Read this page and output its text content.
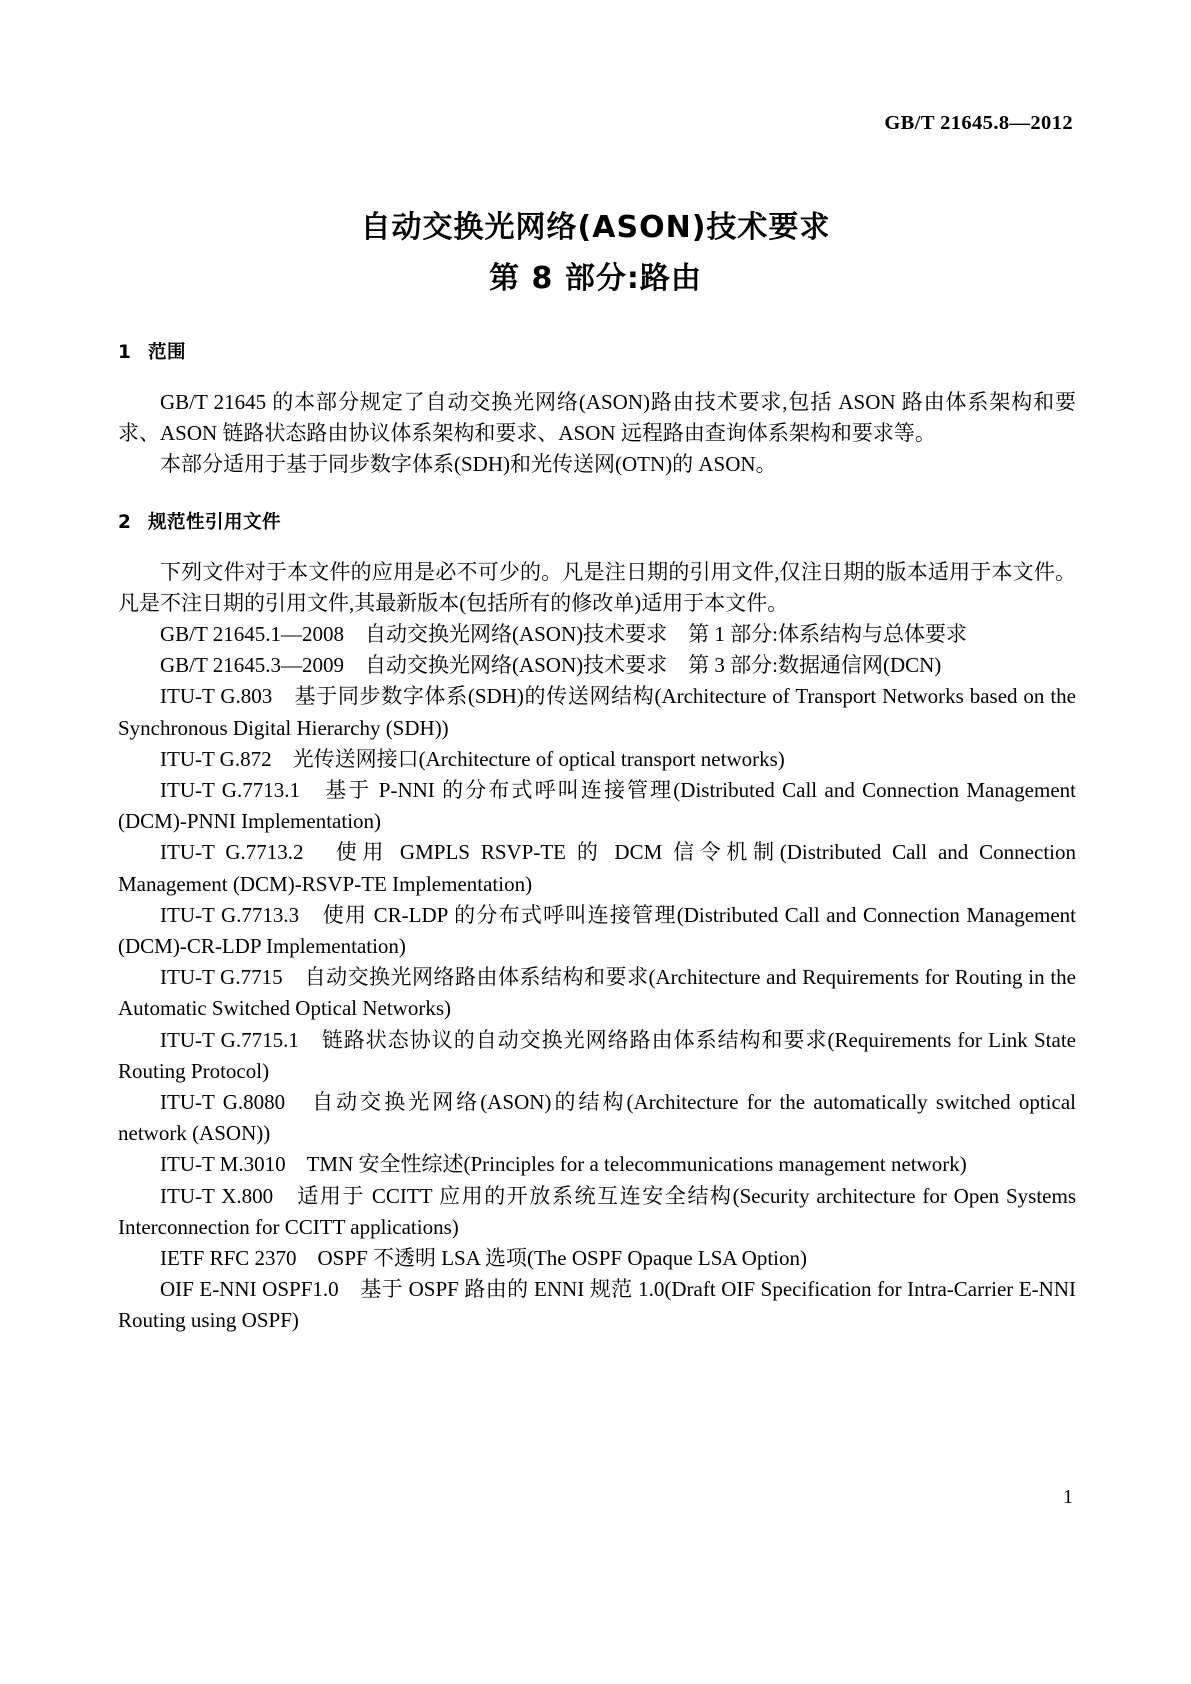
GB/T 21645.8—2012
自动交换光网络(ASON)技术要求
第 8 部分:路由
1 范围

GB/T 21645 的本部分规定了自动交换光网络(ASON)路由技术要求,包括 ASON 路由体系架构和要求、ASON 链路状态路由协议体系架构和要求、ASON 远程路由查询体系架构和要求等。

本部分适用于基于同步数字体系(SDH)和光传送网(OTN)的 ASON。

2 规范性引用文件

下列文件对于本文件的应用是必不可少的。凡是注日期的引用文件,仅注日期的版本适用于本文件。凡是不注日期的引用文件,其最新版本(包括所有的修改单)适用于本文件。

GB/T 21645.1—2008　自动交换光网络(ASON)技术要求　第 1 部分:体系结构与总体要求

GB/T 21645.3—2009　自动交换光网络(ASON)技术要求　第 3 部分:数据通信网(DCN)

ITU-T G.803　基于同步数字体系(SDH)的传送网结构(Architecture of Transport Networks based on the Synchronous Digital Hierarchy (SDH))

ITU-T G.872　光传送网接口(Architecture of optical transport networks)

ITU-T G.7713.1　基于 P-NNI 的分布式呼叫连接管理(Distributed Call and Connection Management (DCM)-PNNI Implementation)

ITU-T G.7713.2　使用 GMPLS RSVP-TE 的 DCM 信令机制(Distributed Call and Connection Management (DCM)-RSVP-TE Implementation)

ITU-T G.7713.3　使用 CR-LDP 的分布式呼叫连接管理(Distributed Call and Connection Management (DCM)-CR-LDP Implementation)

ITU-T G.7715　自动交换光网络路由体系结构和要求(Architecture and Requirements for Routing in the Automatic Switched Optical Networks)

ITU-T G.7715.1　链路状态协议的自动交换光网络路由体系结构和要求(Requirements for Link State Routing Protocol)

ITU-T G.8080　自动交换光网络(ASON)的结构(Architecture for the automatically switched optical network (ASON))

ITU-T M.3010　TMN 安全性综述(Principles for a telecommunications management network)

ITU-T X.800　适用于 CCITT 应用的开放系统互连安全结构(Security architecture for Open Systems Interconnection for CCITT applications)

IETF RFC 2370　OSPF 不透明 LSA 选项(The OSPF Opaque LSA Option)

OIF E-NNI OSPF1.0　基于 OSPF 路由的 ENNI 规范 1.0(Draft OIF Specification for Intra-Carrier E-NNI Routing using OSPF)

1
